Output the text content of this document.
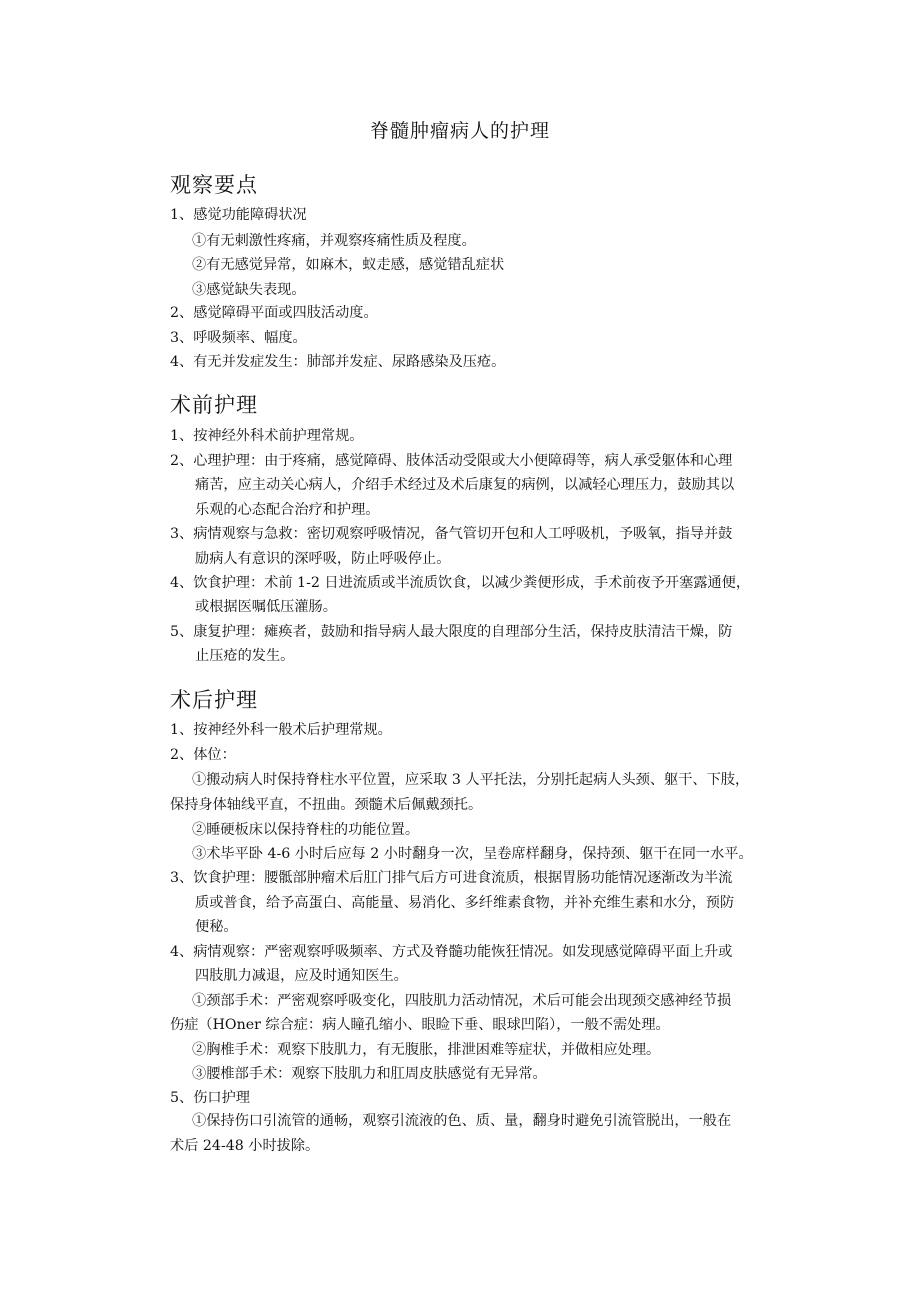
脊髓肿瘤病人的护理
观察要点
1、感觉功能障碍状况
①有无刺激性疼痛，并观察疼痛性质及程度。
②有无感觉异常，如麻木，蚁走感，感觉错乱症状
③感觉缺失表现。
2、感觉障碍平面或四肢活动度。
3、呼吸频率、幅度。
4、有无并发症发生：肺部并发症、尿路感染及压疮。
术前护理
1、按神经外科术前护理常规。
2、心理护理：由于疼痛，感觉障碍、肢体活动受限或大小便障碍等，病人承受躯体和心理
痛苦，应主动关心病人，介绍手术经过及术后康复的病例，以减轻心理压力，鼓励其以
乐观的心态配合治疗和护理。
3、病情观察与急救：密切观察呼吸情况，备气管切开包和人工呼吸机，予吸氧，指导并鼓
励病人有意识的深呼吸，防止呼吸停止。
4、饮食护理：术前 1-2 日进流质或半流质饮食，以减少粪便形成，手术前夜予开塞露通便，
或根据医嘱低压灌肠。
5、康复护理：瘫痪者，鼓励和指导病人最大限度的自理部分生活，保持皮肤清洁干燥，防
止压疮的发生。
术后护理
1、按神经外科一般术后护理常规。
2、体位：
①搬动病人时保持脊柱水平位置，应采取 3 人平托法，分别托起病人头颈、躯干、下肢，
保持身体轴线平直，不扭曲。颈髓术后佩戴颈托。
②睡硬板床以保持脊柱的功能位置。
③术毕平卧 4-6 小时后应每 2 小时翻身一次，呈卷席样翻身，保持颈、躯干在同一水平。
3、饮食护理：腰骶部肿瘤术后肛门排气后方可进食流质，根据胃肠功能情况逐渐改为半流
质或普食，给予高蛋白、高能量、易消化、多纤维素食物，并补充维生素和水分，预防
便秘。
4、病情观察：严密观察呼吸频率、方式及脊髓功能恢狂情况。如发现感觉障碍平面上升或
四肢肌力减退，应及时通知医生。
①颈部手术：严密观察呼吸变化，四肢肌力活动情况，术后可能会出现颈交感神经节损
伤症（HOner 综合症：病人瞳孔缩小、眼睑下垂、眼球凹陷），一般不需处理。
②胸椎手术：观察下肢肌力，有无腹胀，排泄困难等症状，并做相应处理。
③腰椎部手术：观察下肢肌力和肛周皮肤感觉有无异常。
5、伤口护理
①保持伤口引流管的通畅，观察引流液的色、质、量，翻身时避免引流管脱出，一般在
术后 24-48 小时拔除。
